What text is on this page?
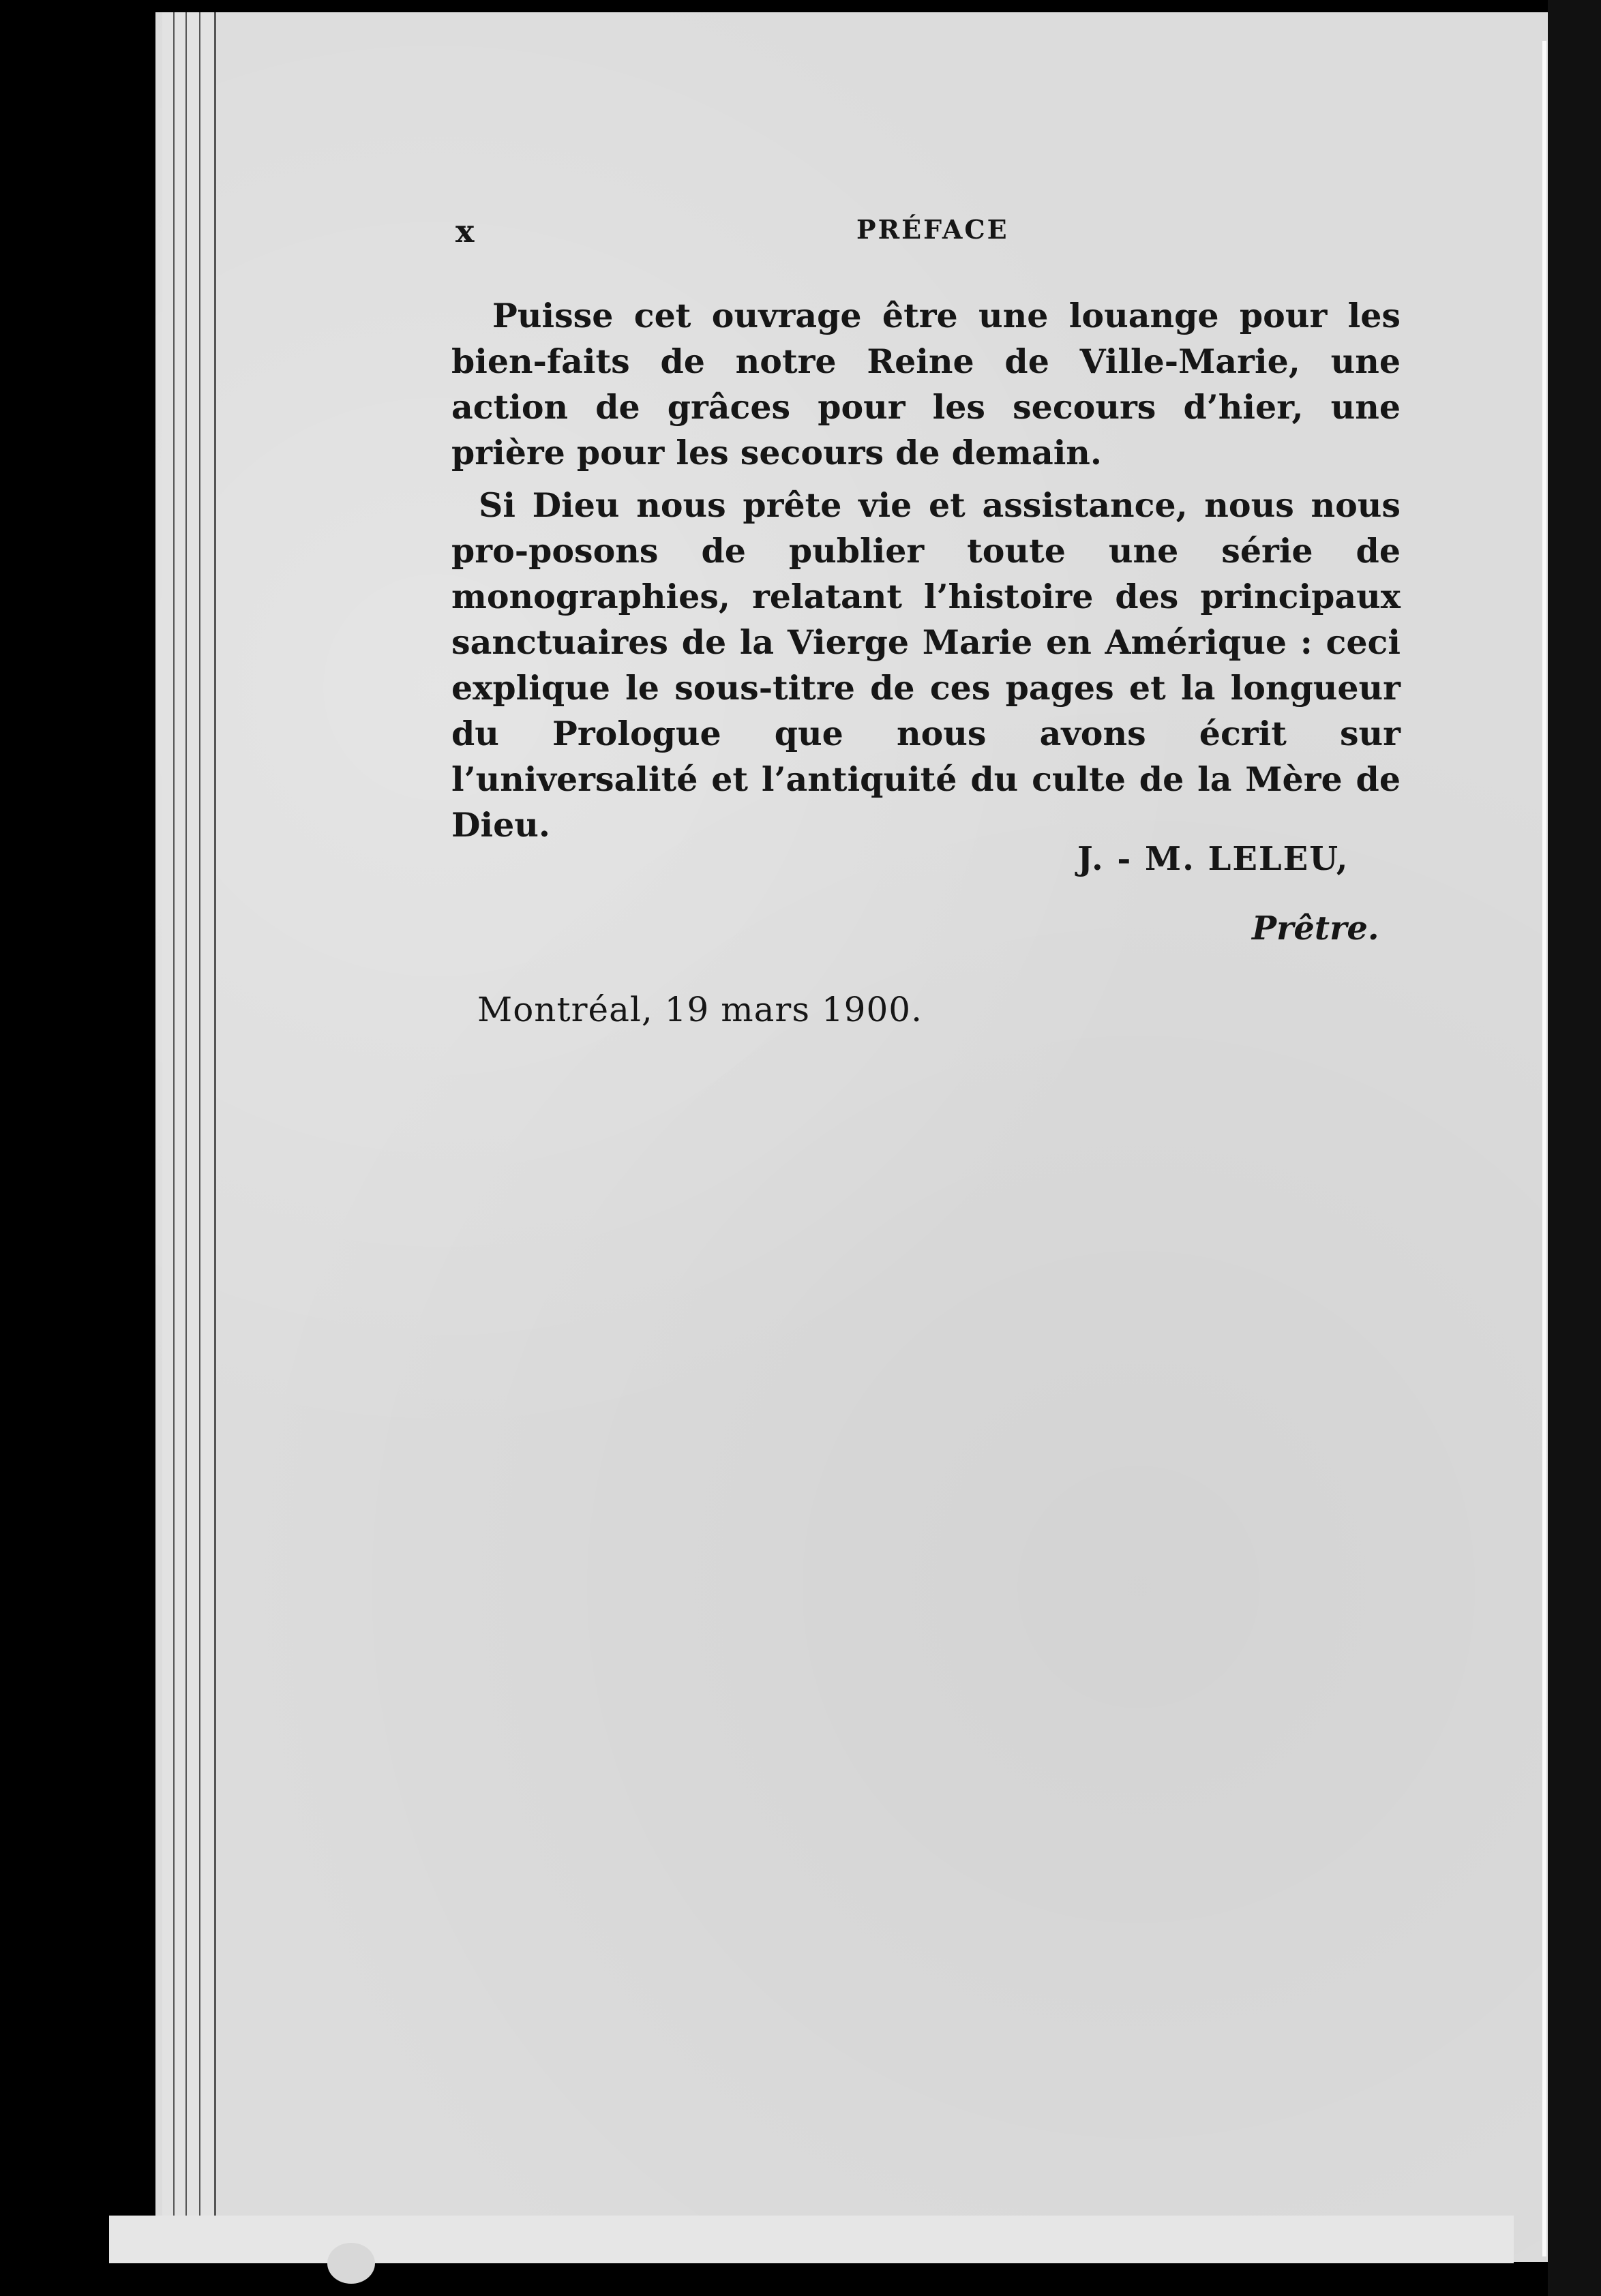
x	PRÉFACE

Puisse cet ouvrage être une louange pour les bien-faits de notre Reine de Ville-Marie, une action de grâces pour les secours d’hier, une prière pour les secours de demain.

Si Dieu nous prête vie et assistance, nous nous pro-posons de publier toute une série de monographies, relatant l’histoire des principaux sanctuaires de la Vierge Marie en Amérique : ceci explique le sous-titre de ces pages et la longueur du Prologue que nous avons écrit sur l’universalité et l’antiquité du culte de la Mère de Dieu.

J. - M. LELEU,
Prêtre.
Montréal, 19 mars 1900.
